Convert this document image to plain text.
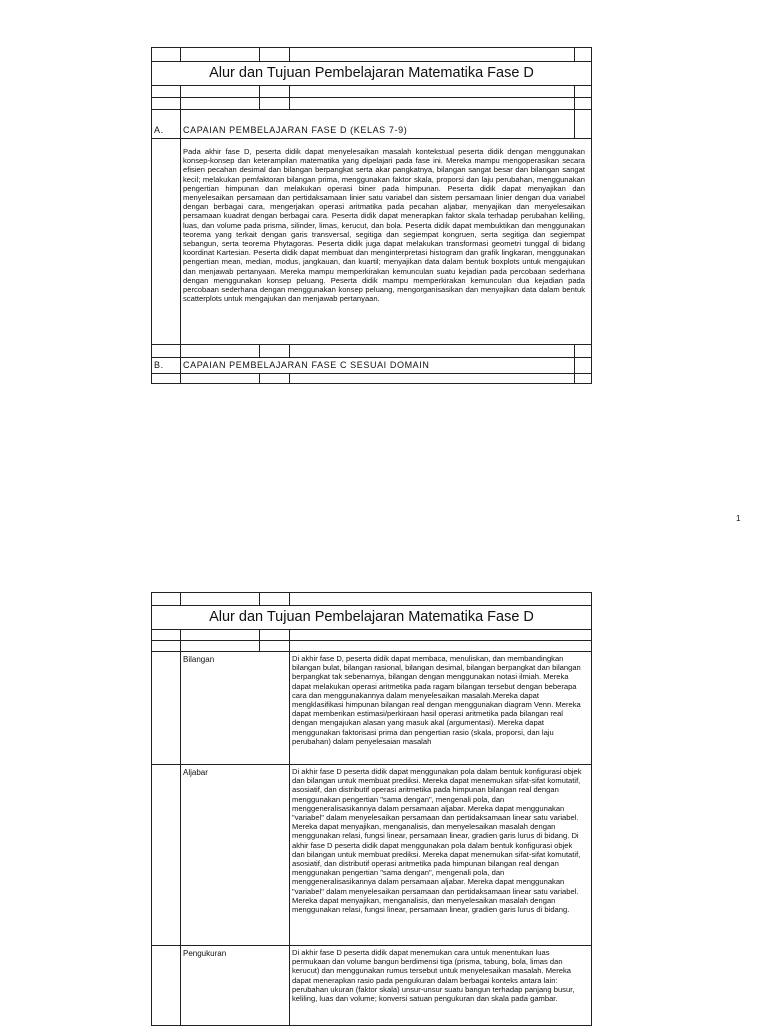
Alur dan Tujuan Pembelajaran Matematika Fase D				

A.	CAPAIAN PEMBELAJARAN FASE D (KELAS 7-9)			
	Pada akhir fase D, peserta didik dapat menyelesaikan masalah kontekstual peserta didik dengan menggunakan konsep-konsep dan keterampilan matematika yang dipelajari pada fase ini. Mereka mampu mengoperasikan secara efisien pecahan desimal dan bilangan berpangkat serta akar pangkatnya, bilangan sangat besar dan bilangan sangat kecil; melakukan pemfaktoran bilangan prima, menggunakan faktor skala, proporsi dan laju perubahan, menggunakan pengertian himpunan dan melakukan operasi biner pada himpunan. Peserta didik dapat menyajikan dan menyelesaikan persamaan dan pertidaksamaan linier satu variabel dan sistem persamaan linier dengan dua variabel dengan berbagai cara, mengerjakan operasi aritmatika pada pecahan aljabar, menyajikan dan menyelesaikan persamaan kuadrat dengan berbagai cara. Peserta didik dapat menerapkan faktor skala terhadap perubahan keliling, luas, dan volume pada prisma, silinder, limas, kerucut, dan bola. Peserta didik dapat membuktikan dan menggunakan teorema yang terkait dengan garis transversal, segitiga dan segiempat kongruen, serta segitiga dan segiempat sebangun, serta teorema Phytagoras. Peserta didik juga dapat melakukan transformasi geometri tunggal di bidang koordinat Kartesian. Peserta didik dapat membuat dan menginterpretasi histogram dan grafik lingkaran, menggunakan pengertian mean, median, modus, jangkauan, dan kuartil; menyajikan data dalam bentuk boxplots untuk mengajukan dan menjawab pertanyaan. Mereka mampu memperkirakan kemunculan suatu kejadian pada percobaan sederhana dengan menggunakan konsep peluang. Peserta didik mampu memperkirakan kemunculan dua kejadian pada percobaan sederhana dengan menggunakan konsep peluang, mengorganisasikan dan menyajikan data dalam bentuk scatterplots untuk mengajukan dan menjawab pertanyaan.			

B.	CAPAIAN PEMBELAJARAN FASE C SESUAI DOMAIN			

1

Alur dan Tujuan Pembelajaran Matematika Fase D			

	Bilangan		Di akhir fase D, peserta didik dapat membaca, menuliskan, dan membandingkan bilangan bulat, bilangan rasional, bilangan desimal, bilangan berpangkat dan bilangan berpangkat tak sebenarnya, bilangan dengan menggunakan notasi ilmiah. Mereka dapat melakukan operasi aritmetika pada ragam bilangan tersebut dengan beberapa cara dan menggunakannya dalam menyelesaikan masalah.Mereka dapat mengklasifikasi himpunan bilangan real dengan menggunakan diagram Venn. Mereka dapat memberikan estimasi/perkiraan hasil operasi aritmetika pada bilangan real dengan mengajukan alasan yang masuk akal (argumentasi). Mereka dapat menggunakan faktorisasi prima dan pengertian rasio (skala, proporsi, dan laju perubahan) dalam penyelesaian masalah
	Aljabar		Di akhir fase D peserta didik dapat menggunakan pola dalam bentuk konfigurasi objek dan bilangan untuk membuat prediksi. Mereka dapat menemukan sifat-sifat komutatif, asosiatif, dan distributif operasi aritmetika pada himpunan bilangan real dengan menggunakan pengertian "sama dengan", mengenali pola, dan menggeneralisasikannya dalam persamaan aljabar. Mereka dapat menggunakan "variabel" dalam menyelesaikan persamaan dan pertidaksamaan linear satu variabel. Mereka dapat menyajikan, menganalisis, dan menyelesaikan masalah dengan menggunakan relasi, fungsi linear, persamaan linear, gradien garis lurus di bidang. Di akhir fase D peserta didik dapat menggunakan pola dalam bentuk konfigurasi objek dan bilangan untuk membuat prediksi. Mereka dapat menemukan sifat-sifat komutatif, asosiatif, dan distributif operasi aritmetika pada himpunan bilangan real dengan menggunakan pengertian "sama dengan", mengenali pola, dan menggeneralisasikannya dalam persamaan aljabar. Mereka dapat menggunakan "variabel" dalam menyelesaikan persamaan dan pertidaksamaan linear satu variabel. Mereka dapat menyajikan, menganalisis, dan menyelesaikan masalah dengan menggunakan relasi, fungsi linear, persamaan linear, gradien garis lurus di bidang.
	Pengukuran		Di akhir fase D peserta didik dapat menemukan cara untuk menentukan luas permukaan dan volume bangun berdimensi tiga (prisma, tabung, bola, limas dan kerucut) dan menggunakan rumus tersebut untuk menyelesaikan masalah. Mereka dapat menerapkan rasio pada pengukuran dalam berbagai konteks antara lain: perubahan ukuran (faktor skala) unsur-unsur suatu bangun terhadap panjang busur, keliling, luas dan volume; konversi satuan pengukuran dan skala pada gambar.
